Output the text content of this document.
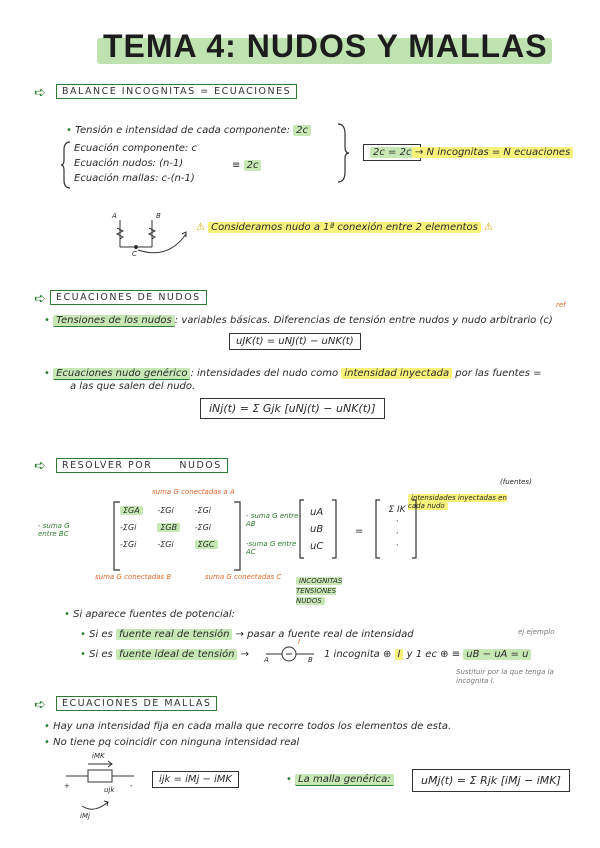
TEMA 4: NUDOS Y MALLAS
➪	BALANCE INCOGNITAS = ECUACIONES
• Tensión e intensidad de cada componente: 2c
Ecuación componente: c
Ecuación nudos: (n-1)
Ecuación mallas: c-(n-1)
≡ 2c
2c = 2c → N incognitas = N ecuaciones
A	B
C
⚠ Consideramos nudo a 1ª conexión entre 2 elementos ⚠
➪	ECUACIONES DE NUDOS
ref
• Tensiones de los nudos : variables básicas. Diferencias de tensión entre nudos y nudo arbitrario (c)
uJK(t) = uNJ(t) − uNK(t)
• Ecuaciones nudo genérico : intensidades del nudo como intensidad inyectada por las fuentes =
a las que salen del nudo.
iNj(t) = Σ Gjk [uNj(t) − uNK(t)]
➪	RESOLVER POR      NUDOS
(fuentes)
intensidades inyectadas en cada nudo
suma G conectadas a A
- suma G entre AB
- suma G entre BC
-suma G entre AC
suma G conectadas B	suma G conectadas C
ΣGA	-ΣGi	-ΣGi
-ΣGi	ΣGB	-ΣGi
-ΣGi	-ΣGi	ΣGC
uA
uB
uC
=
Σ IK
·
·
·
INCOGNITAS TENSIONES NUDOS
• Si aparece fuentes de potencial:
ej ejemplo
• Si es fuente real de tensión → pasar a fuente real de intensidad
• Si es fuente ideal de tensión → A	B
I
1 incognita ⊕ I y 1 ec ⊕ ≡ uB − uA = u
Sustituir por la que tenga la incognita I.
➪	ECUACIONES DE MALLAS
• Hay una intensidad fija en cada malla que recorre todos los elementos de esta.
• No tiene pq coincidir con ninguna intensidad real
iMK
ujk
iMj
+	-
ijk = iMj − iMK	• La malla genérica:	uMj(t) = Σ Rjk [iMj − iMK]
